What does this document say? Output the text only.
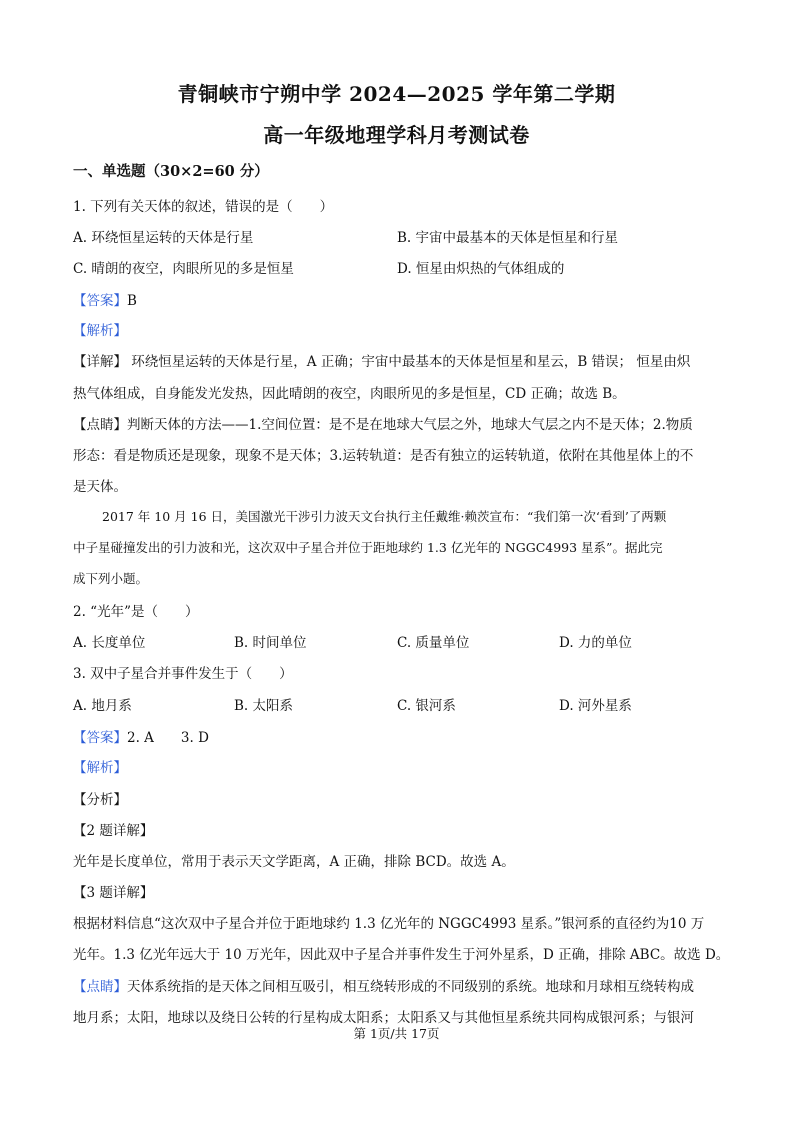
青铜峡市宁朔中学 2024—2025 学年第二学期
高一年级地理学科月考测试卷
一、单选题（30×2=60 分）
1. 下列有关天体的叙述，错误的是（　　）
A. 环绕恒星运转的天体是行星	B. 宇宙中最基本的天体是恒星和行星
C. 晴朗的夜空，肉眼所见的多是恒星	D. 恒星由炽热的气体组成的
【答案】B
【解析】
【详解】 环绕恒星运转的天体是行星，A 正确；宇宙中最基本的天体是恒星和星云，B 错误； 恒星由炽
热气体组成，自身能发光发热，因此晴朗的夜空，肉眼所见的多是恒星，CD 正确；故选 B。
【点睛】判断天体的方法——1.空间位置：是不是在地球大气层之外，地球大气层之内不是天体；2.物质
形态：看是物质还是现象，现象不是天体；3.运转轨道：是否有独立的运转轨道，依附在其他星体上的不
是天体。
2017 年 10 月 16 日，美国激光干涉引力波天文台执行主任戴维·赖茨宣布：“我们第一次‘看到’了两颗
中子星碰撞发出的引力波和光，这次双中子星合并位于距地球约 1.3 亿光年的 NGGC4993 星系”。据此完
成下列小题。
2. “光年”是（　　）
A. 长度单位	B. 时间单位	C. 质量单位	D. 力的单位
3. 双中子星合并事件发生于（　　）
A. 地月系	B. 太阳系	C. 银河系	D. 河外星系
【答案】2. A　　3. D
【解析】
【分析】
【2 题详解】
光年是长度单位，常用于表示天文学距离，A 正确，排除 BCD。故选 A。
【3 题详解】
根据材料信息“这次双中子星合并位于距地球约 1.3 亿光年的 NGGC4993 星系。”银河系的直径约为10 万
光年。1.3 亿光年远大于 10 万光年，因此双中子星合并事件发生于河外星系，D 正确，排除 ABC。故选 D。
【点睛】天体系统指的是天体之间相互吸引，相互绕转形成的不同级别的系统。地球和月球相互绕转构成
地月系；太阳，地球以及绕日公转的行星构成太阳系；太阳系又与其他恒星系统共同构成银河系；与银河
第 1页/共 17页
